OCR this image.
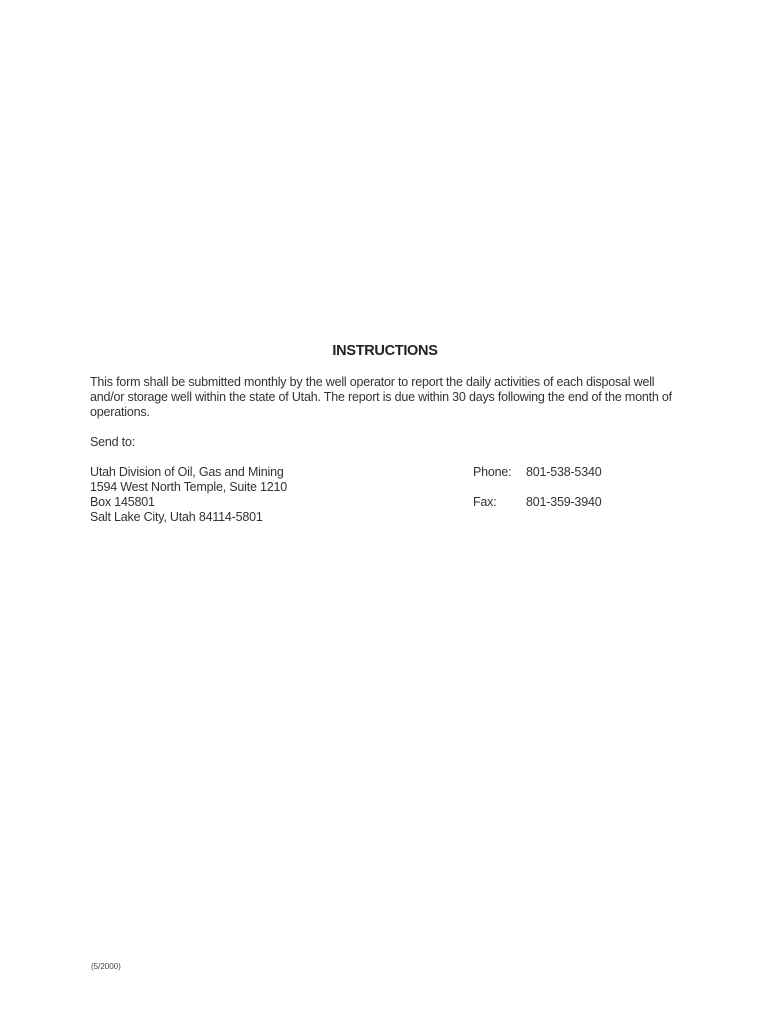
INSTRUCTIONS
This form shall be submitted monthly by the well operator to report the daily activities of each disposal well and/or storage well within the state of Utah. The report is due within 30 days following the end of the month of operations.
Send to:
Utah Division of Oil, Gas and Mining
1594 West North Temple, Suite 1210
Box 145801
Salt Lake City, Utah 84114-5801
Phone: 801-538-5340
Fax: 801-359-3940
(5/2000)
